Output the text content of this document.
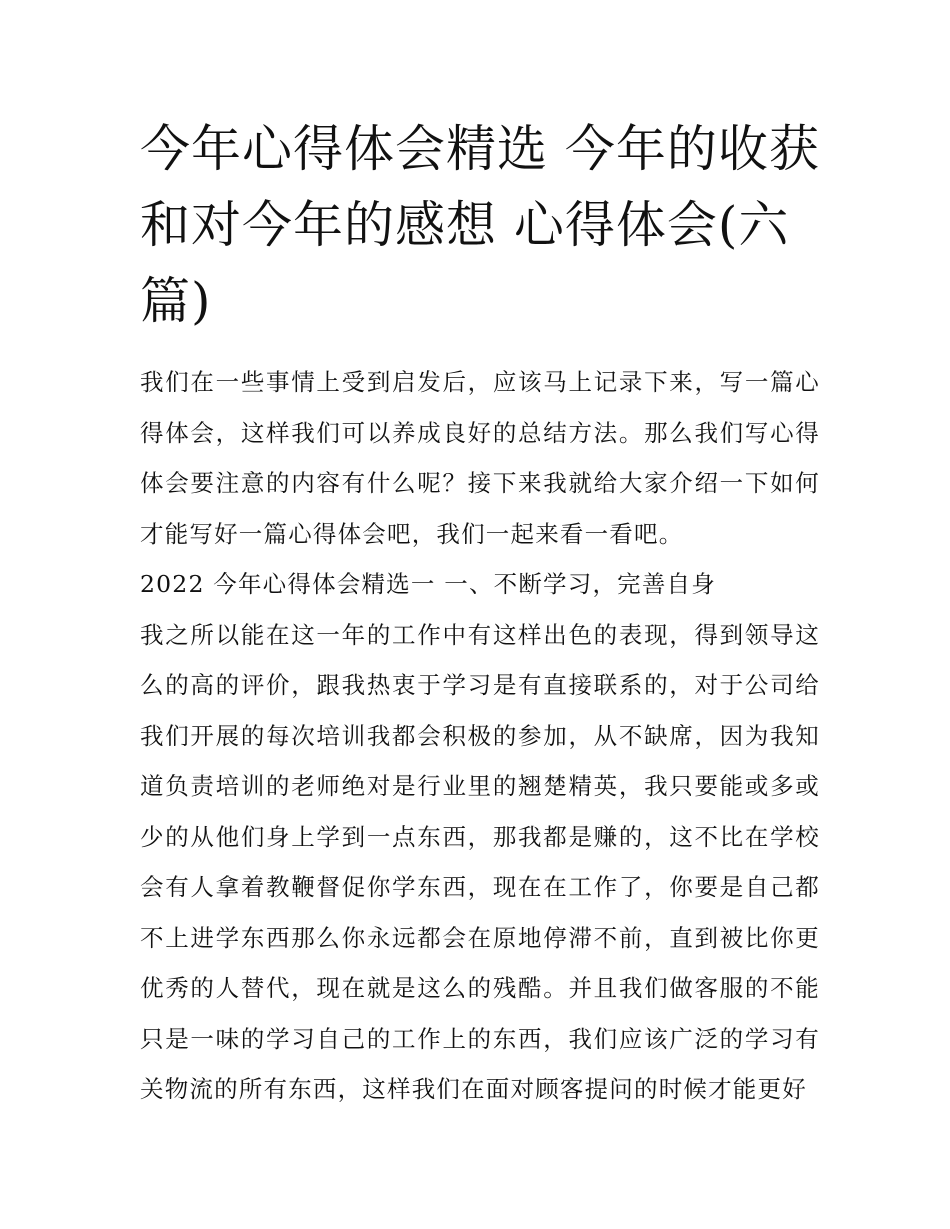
今年心得体会精选 今年的收获和对今年的感想 心得体会(六篇)

我们在一些事情上受到启发后，应该马上记录下来，写一篇心得体会，这样我们可以养成良好的总结方法。那么我们写心得体会要注意的内容有什么呢？接下来我就给大家介绍一下如何才能写好一篇心得体会吧，我们一起来看一看吧。

2022 今年心得体会精选一 一、不断学习，完善自身

我之所以能在这一年的工作中有这样出色的表现，得到领导这么的高的评价，跟我热衷于学习是有直接联系的，对于公司给我们开展的每次培训我都会积极的参加，从不缺席，因为我知道负责培训的老师绝对是行业里的翘楚精英，我只要能或多或少的从他们身上学到一点东西，那我都是赚的，这不比在学校会有人拿着教鞭督促你学东西，现在在工作了，你要是自己都不上进学东西那么你永远都会在原地停滞不前，直到被比你更优秀的人替代，现在就是这么的残酷。并且我们做客服的不能只是一味的学习自己的工作上的东西，我们应该广泛的学习有关物流的所有东西，这样我们在面对顾客提问的时候才能更好
